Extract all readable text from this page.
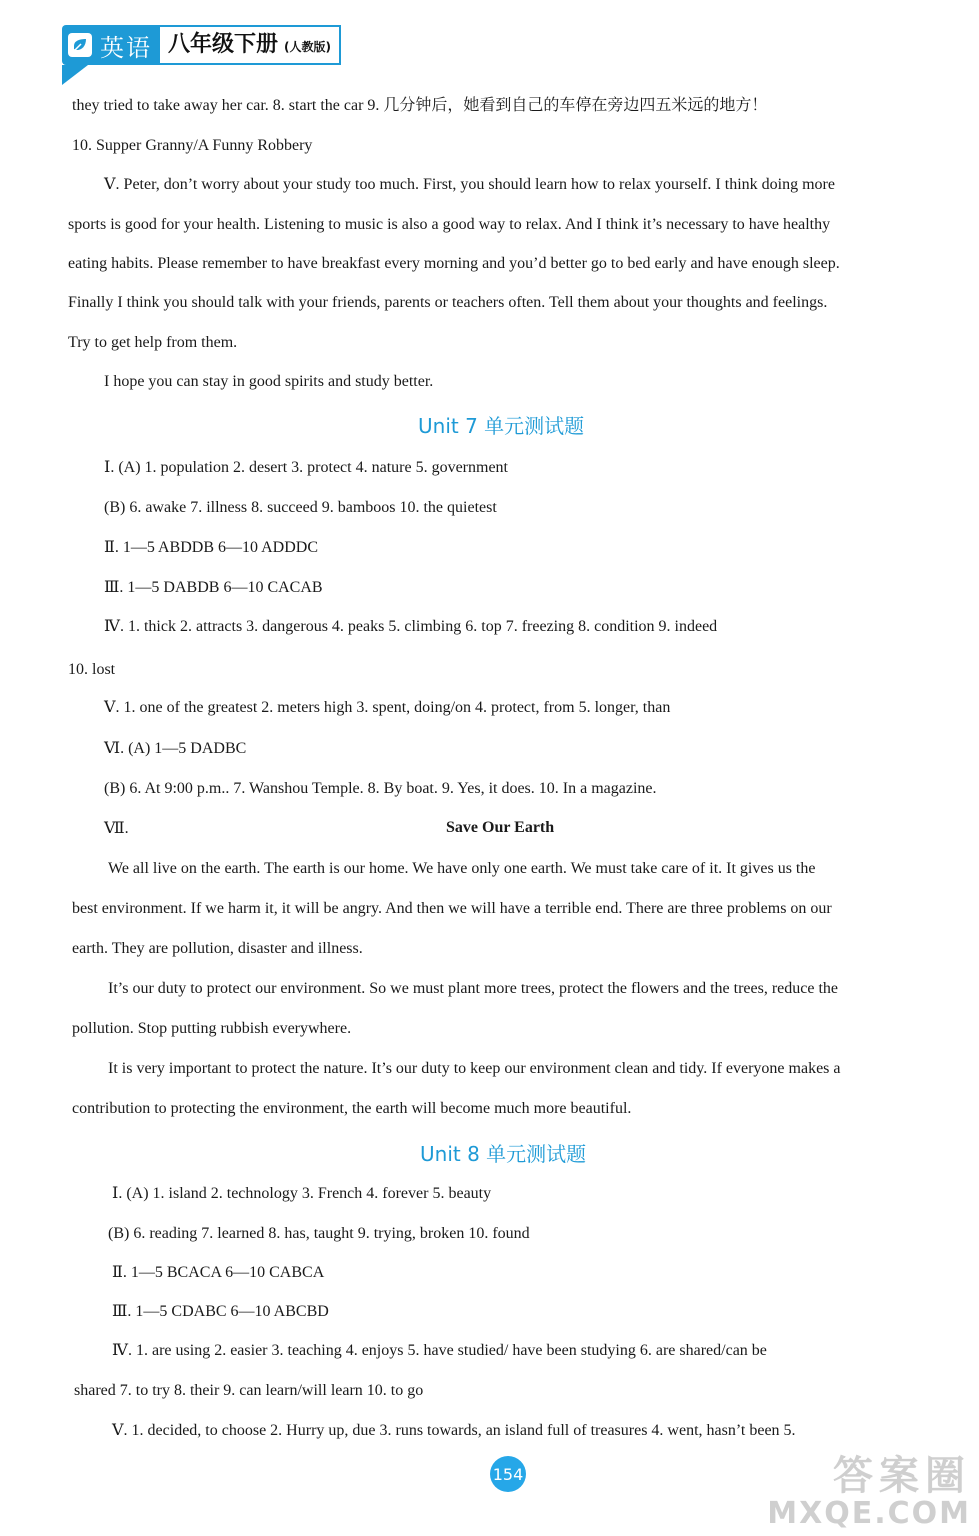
英语 八年级下册 (人教版)
they tried to take away her car. 8. start the car 9. 几分钟后，她看到自己的车停在旁边四五米远的地方！
10. Supper Granny/A Funny Robbery
Ⅴ. Peter, don’t worry about your study too much. First, you should learn how to relax yourself. I think doing more
sports is good for your health. Listening to music is also a good way to relax. And I think it’s necessary to have healthy
eating habits. Please remember to have breakfast every morning and you’d better go to bed early and have enough sleep.
Finally I think you should talk with your friends, parents or teachers often. Tell them about your thoughts and feelings.
Try to get help from them.
I hope you can stay in good spirits and study better.
Unit 7 单元测试题
Ⅰ. (A) 1. population 2. desert 3. protect 4. nature 5. government
(B) 6. awake 7. illness 8. succeed 9. bamboos 10. the quietest
Ⅱ. 1—5 ABDDB 6—10 ADDDC
Ⅲ. 1—5 DABDB 6—10 CACAB
Ⅳ. 1. thick 2. attracts 3. dangerous 4. peaks 5. climbing 6. top 7. freezing 8. condition 9. indeed
10. lost
Ⅴ. 1. one of the greatest 2. meters high 3. spent, doing/on 4. protect, from 5. longer, than
Ⅵ. (A) 1—5 DADBC
(B) 6. At 9:00 p.m.. 7. Wanshou Temple. 8. By boat. 9. Yes, it does. 10. In a magazine.
Ⅶ.	Save Our Earth
We all live on the earth. The earth is our home. We have only one earth. We must take care of it. It gives us the
best environment. If we harm it, it will be angry. And then we will have a terrible end. There are three problems on our
earth. They are pollution, disaster and illness.
It’s our duty to protect our environment. So we must plant more trees, protect the flowers and the trees, reduce the
pollution. Stop putting rubbish everywhere.
It is very important to protect the nature. It’s our duty to keep our environment clean and tidy. If everyone makes a
contribution to protecting the environment, the earth will become much more beautiful.
Unit 8 单元测试题
Ⅰ. (A) 1. island 2. technology 3. French 4. forever 5. beauty
(B) 6. reading 7. learned 8. has, taught 9. trying, broken 10. found
Ⅱ. 1—5 BCACA 6—10 CABCA
Ⅲ. 1—5 CDABC 6—10 ABCBD
Ⅳ. 1. are using 2. easier 3. teaching 4. enjoys 5. have studied/ have been studying 6. are shared/can be
shared 7. to try 8. their 9. can learn/will learn 10. to go
Ⅴ. 1. decided, to choose 2. Hurry up, due 3. runs towards, an island full of treasures 4. went, hasn’t been 5.
154	答案圈
MXQE.COM
